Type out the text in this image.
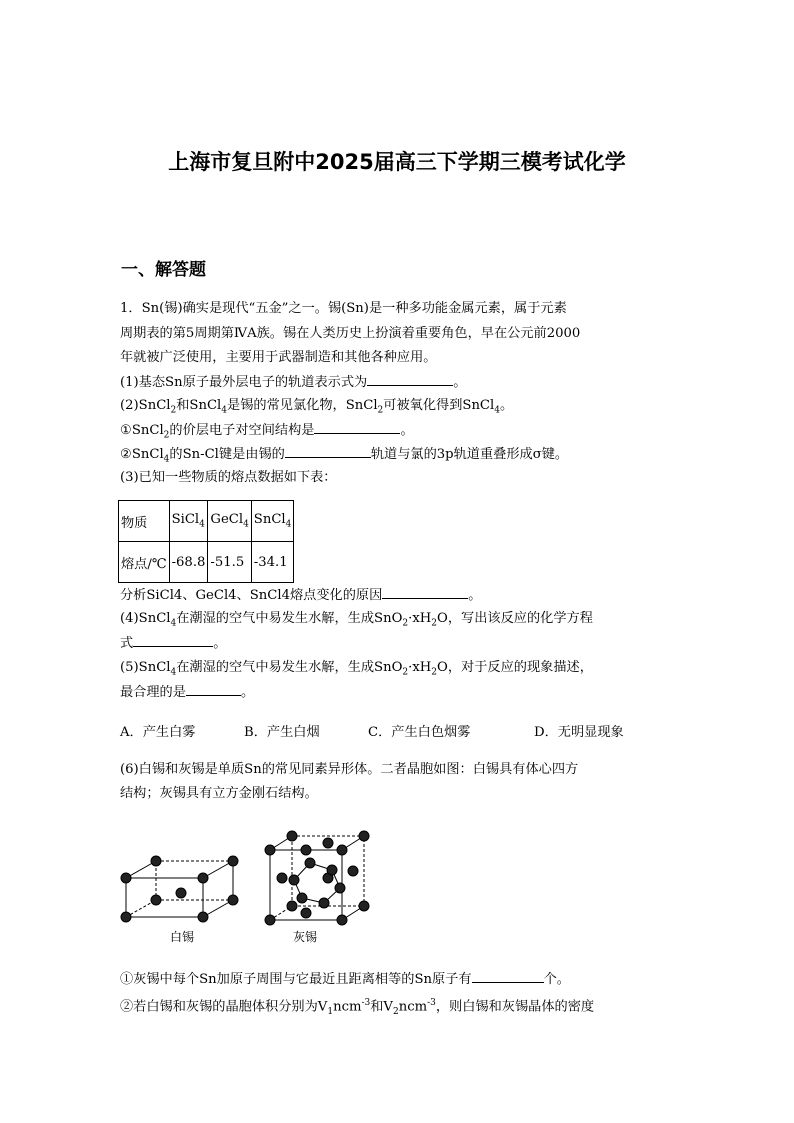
上海市复旦附中2025届高三下学期三模考试化学
一、解答题
1．Sn(锡)确实是现代“五金”之一。锡(Sn)是一种多功能金属元素，属于元素
周期表的第5周期第ⅣA族。锡在人类历史上扮演着重要角色，早在公元前2000
年就被广泛使用，主要用于武器制造和其他各种应用。
(1)基态Sn原子最外层电子的轨道表示式为	。
(2)SnCl$_2$和SnCl$_4$是锡的常见氯化物，SnCl$_2$可被氧化得到SnCl$_4$。
①SnCl$_2$的价层电子对空间结构是	。
②SnCl$_4$的Sn-Cl键是由锡的	轨道与氯的3p轨道重叠形成σ键。
(3)已知一些物质的熔点数据如下表：
物质	SiCl$_4$	GeCl$_4$	SnCl$_4$
熔点/℃	-68.8	-51.5	-34.1
分析SiCl4、GeCl4、SnCl4熔点变化的原因	。
(4)SnCl$_4$在潮湿的空气中易发生水解，生成$SnO_2\cdot xH_2O$，写出该反应的化学方程
式	。
(5)SnCl$_4$在潮湿的空气中易发生水解，生成$SnO_2\cdot xH_2O$，对于反应的现象描述，
最合理的是	。
A．产生白雾	B．产生白烟	C．产生白色烟雾	D．无明显现象
(6)白锡和灰锡是单质Sn的常见同素异形体。二者晶胞如图：白锡具有体心四方
结构；灰锡具有立方金刚石结构。
白锡	灰锡
①灰锡中每个Sn加原子周围与它最近且距离相等的Sn原子有	个。
②若白锡和灰锡的晶胞体积分别为$V_1ncm^{-3}$和$V_2ncm^{-3}$，则白锡和灰锡晶体的密度
